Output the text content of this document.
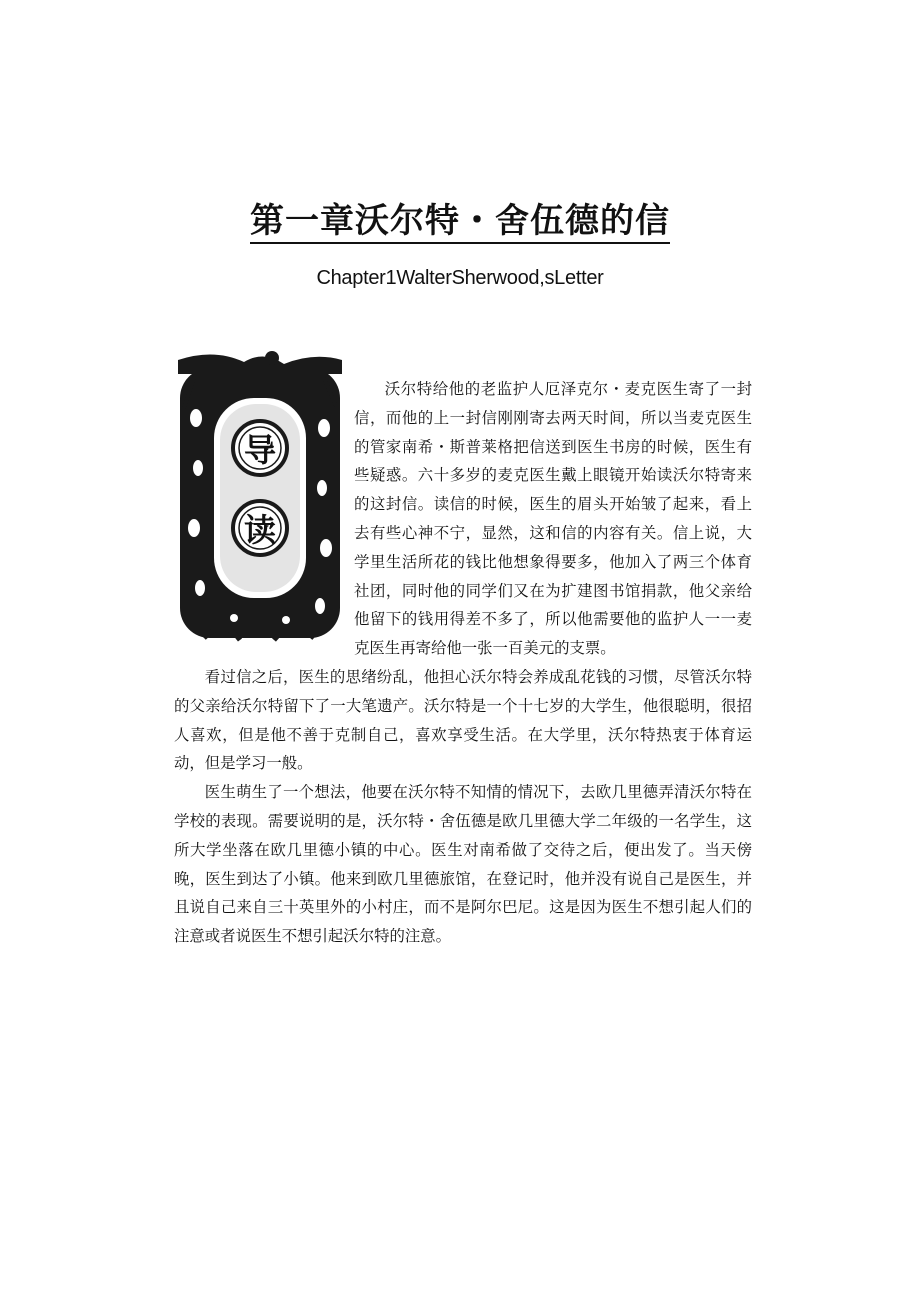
第一章沃尔特・舍伍德的信
Chapter1WalterSherwood,sLetter
导
读

沃尔特给他的老监护人厄泽克尔・麦克医生寄了一封信，而他的上一封信刚刚寄去两天时间，所以当麦克医生的管家南希・斯普莱格把信送到医生书房的时候，医生有些疑惑。六十多岁的麦克医生戴上眼镜开始读沃尔特寄来的这封信。读信的时候，医生的眉头开始皱了起来，看上去有些心神不宁，显然，这和信的内容有关。信上说，大学里生活所花的钱比他想象得要多，他加入了两三个体育社团，同时他的同学们又在为扩建图书馆捐款，他父亲给他留下的钱用得差不多了，所以他需要他的监护人一一麦克医生再寄给他一张一百美元的支票。

看过信之后，医生的思绪纷乱，他担心沃尔特会养成乱花钱的习惯，尽管沃尔特的父亲给沃尔特留下了一大笔遗产。沃尔特是一个十七岁的大学生，他很聪明，很招人喜欢，但是他不善于克制自己，喜欢享受生活。在大学里，沃尔特热衷于体育运动，但是学习一般。

医生萌生了一个想法，他要在沃尔特不知情的情况下，去欧几里德弄清沃尔特在学校的表现。需要说明的是，沃尔特・舍伍德是欧几里德大学二年级的一名学生，这所大学坐落在欧几里德小镇的中心。医生对南希做了交待之后，便出发了。当天傍晚，医生到达了小镇。他来到欧几里德旅馆，在登记时，他并没有说自己是医生，并且说自己来自三十英里外的小村庄，而不是阿尔巴尼。这是因为医生不想引起人们的注意或者说医生不想引起沃尔特的注意。
